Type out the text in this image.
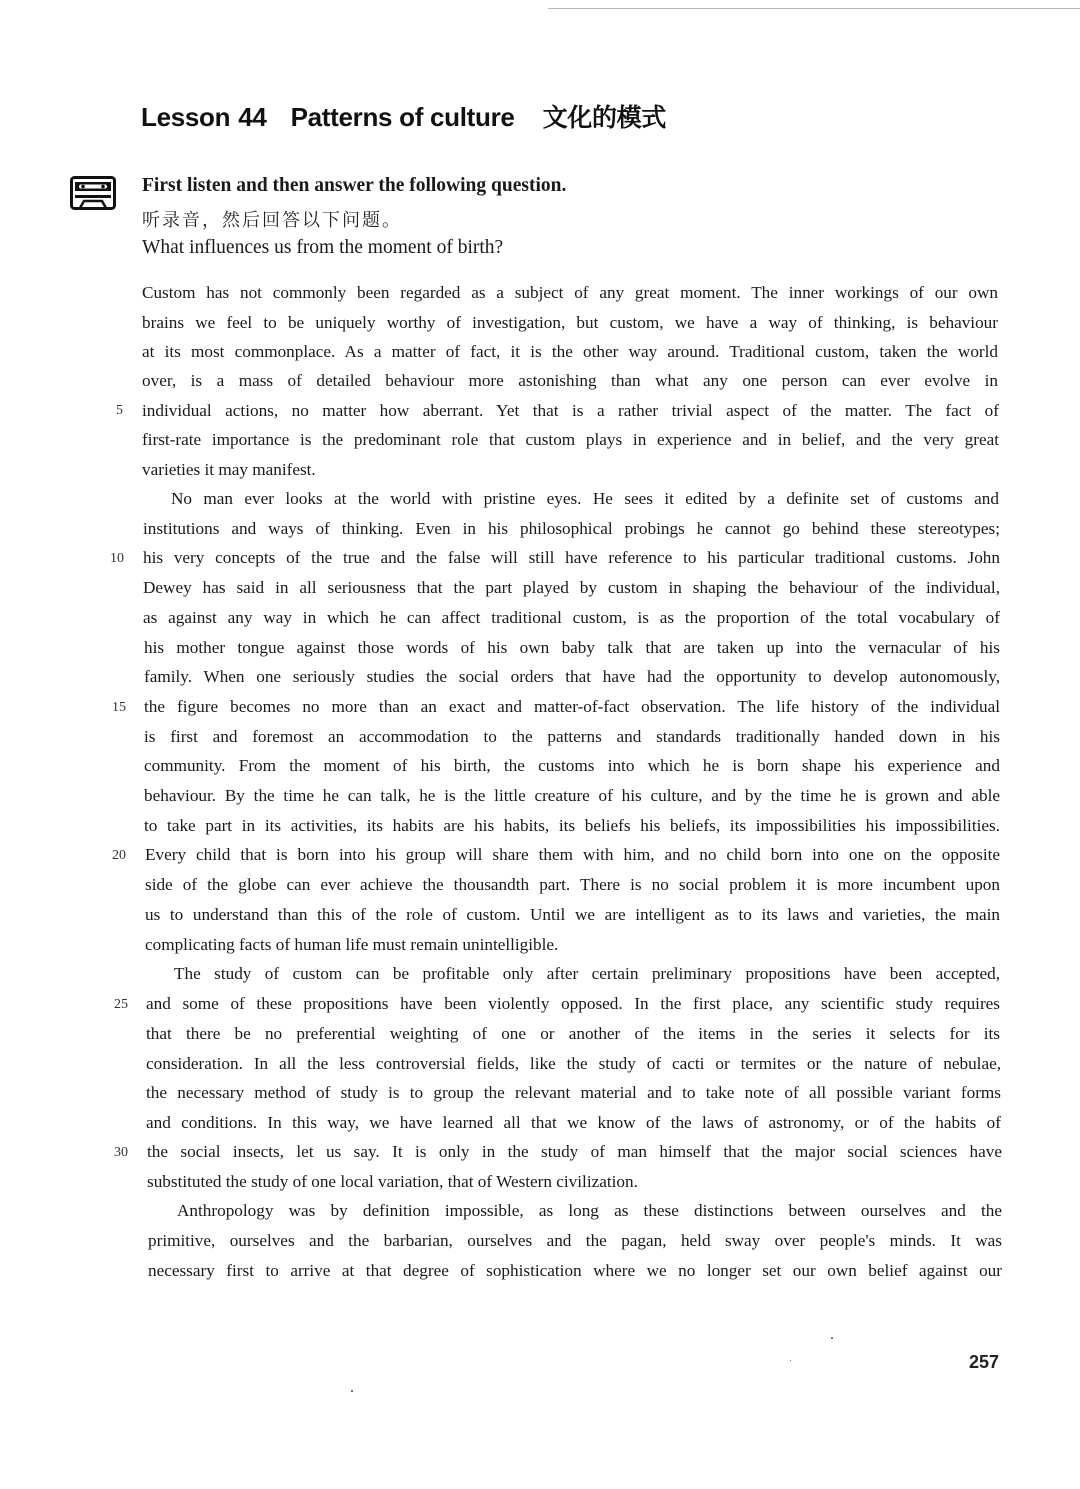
Lesson 44 Patterns of culture 文化的模式

First listen and then answer the following question.

听录音，然后回答以下问题。

What influences us from the moment of birth?

Custom has not commonly been regarded as a subject of any great moment. The inner workings of our own

brains we feel to be uniquely worthy of investigation, but custom, we have a way of thinking, is behaviour

at its most commonplace. As a matter of fact, it is the other way around. Traditional custom, taken the world

over, is a mass of detailed behaviour more astonishing than what any one person can ever evolve in

individual actions, no matter how aberrant. Yet that is a rather trivial aspect of the matter. The fact of

first-rate importance is the predominant role that custom plays in experience and in belief, and the very great

varieties it may manifest.

No man ever looks at the world with pristine eyes. He sees it edited by a definite set of customs and

institutions and ways of thinking. Even in his philosophical probings he cannot go behind these stereotypes;

his very concepts of the true and the false will still have reference to his particular traditional customs. John

Dewey has said in all seriousness that the part played by custom in shaping the behaviour of the individual,

as against any way in which he can affect traditional custom, is as the proportion of the total vocabulary of

his mother tongue against those words of his own baby talk that are taken up into the vernacular of his

family. When one seriously studies the social orders that have had the opportunity to develop autonomously,

the figure becomes no more than an exact and matter-of-fact observation. The life history of the individual

is first and foremost an accommodation to the patterns and standards traditionally handed down in his

community. From the moment of his birth, the customs into which he is born shape his experience and

behaviour. By the time he can talk, he is the little creature of his culture, and by the time he is grown and able

to take part in its activities, its habits are his habits, its beliefs his beliefs, its impossibilities his impossibilities.

Every child that is born into his group will share them with him, and no child born into one on the opposite

side of the globe can ever achieve the thousandth part. There is no social problem it is more incumbent upon

us to understand than this of the role of custom. Until we are intelligent as to its laws and varieties, the main

complicating facts of human life must remain unintelligible.

The study of custom can be profitable only after certain preliminary propositions have been accepted,

and some of these propositions have been violently opposed. In the first place, any scientific study requires

that there be no preferential weighting of one or another of the items in the series it selects for its

consideration. In all the less controversial fields, like the study of cacti or termites or the nature of nebulae,

the necessary method of study is to group the relevant material and to take note of all possible variant forms

and conditions. In this way, we have learned all that we know of the laws of astronomy, or of the habits of

the social insects, let us say. It is only in the study of man himself that the major social sciences have

substituted the study of one local variation, that of Western civilization.

Anthropology was by definition impossible, as long as these distinctions between ourselves and the

primitive, ourselves and the barbarian, ourselves and the pagan, held sway over people's minds. It was

necessary first to arrive at that degree of sophistication where we no longer set our own belief against our

5

10

15

20

25

30

257
